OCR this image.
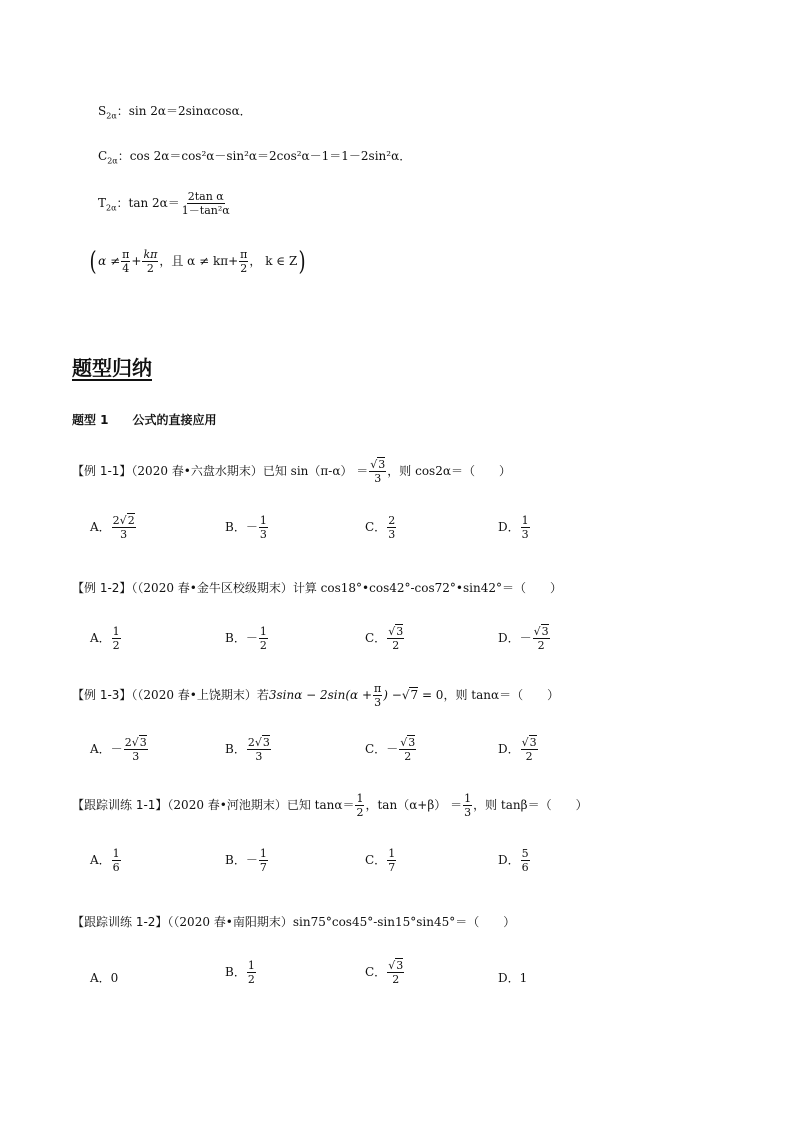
$S_{2\alpha}$：sin 2α＝2sinαcosα．
$C_{2\alpha}$：cos 2α＝cos²α－sin²α＝2cos²α－1＝1－2sin²α．
$T_{2\alpha}$：$\tan 2\alpha= \frac{\text{2tan α}}{\text{1－tan²α}}$
( $\alpha \ne \frac{\pi}{4} + \frac{k\pi}{2}$ ，且 $\alpha \ne k\pi+ \frac{\pi}{2}$ ， k ∈ Z)
题型归纳
题型 1　　公式的直接应用
【例 1-1】（2020 春•六盘水期末）已知 $\sin(\pi-\alpha) = \frac{√3}{3}$ ，则 cos2α＝（　　）
A． $\frac{2√2}{3}$	B．－ $\frac{1}{3}$	C． $\frac{2}{3}$	D． $\frac{1}{3}$
【例 1-2】（（2020 春•金牛区校级期末）计算 cos18°•cos42°-cos72°•sin42°＝（　　）
A． $\frac{1}{2}$	B．－ $\frac{1}{2}$	C． $\frac{√3}{2}$	D．－ $\frac{√3}{2}$
【例 1-3】（（2020 春•上饶期末）若$3\sin\alpha - 2\sin(\alpha + \frac{\pi}{3}$ ) −√7 = 0，则 tanα＝（　　）
A．－ $\frac{2√3}{3}$	B． $\frac{2√3}{3}$	C．－ $\frac{√3}{2}$	D． $\frac{√3}{2}$
【跟踪训练 1-1】（2020 春•河池期末）已知 $\tan\alpha= \frac{1}{2}$ ，$\tan(\alpha+\beta) = \frac{1}{3}$ ，则 tanβ＝（　　）
A． $\frac{1}{6}$	B．－ $\frac{1}{7}$	C． $\frac{1}{7}$	D． $\frac{5}{6}$
【跟踪训练 1-2】（（2020 春•南阳期末）sin75°cos45°-sin15°sin45°＝（　　）
A．0	B． $\frac{1}{2}$	C． $\frac{√3}{2}$	D．1
